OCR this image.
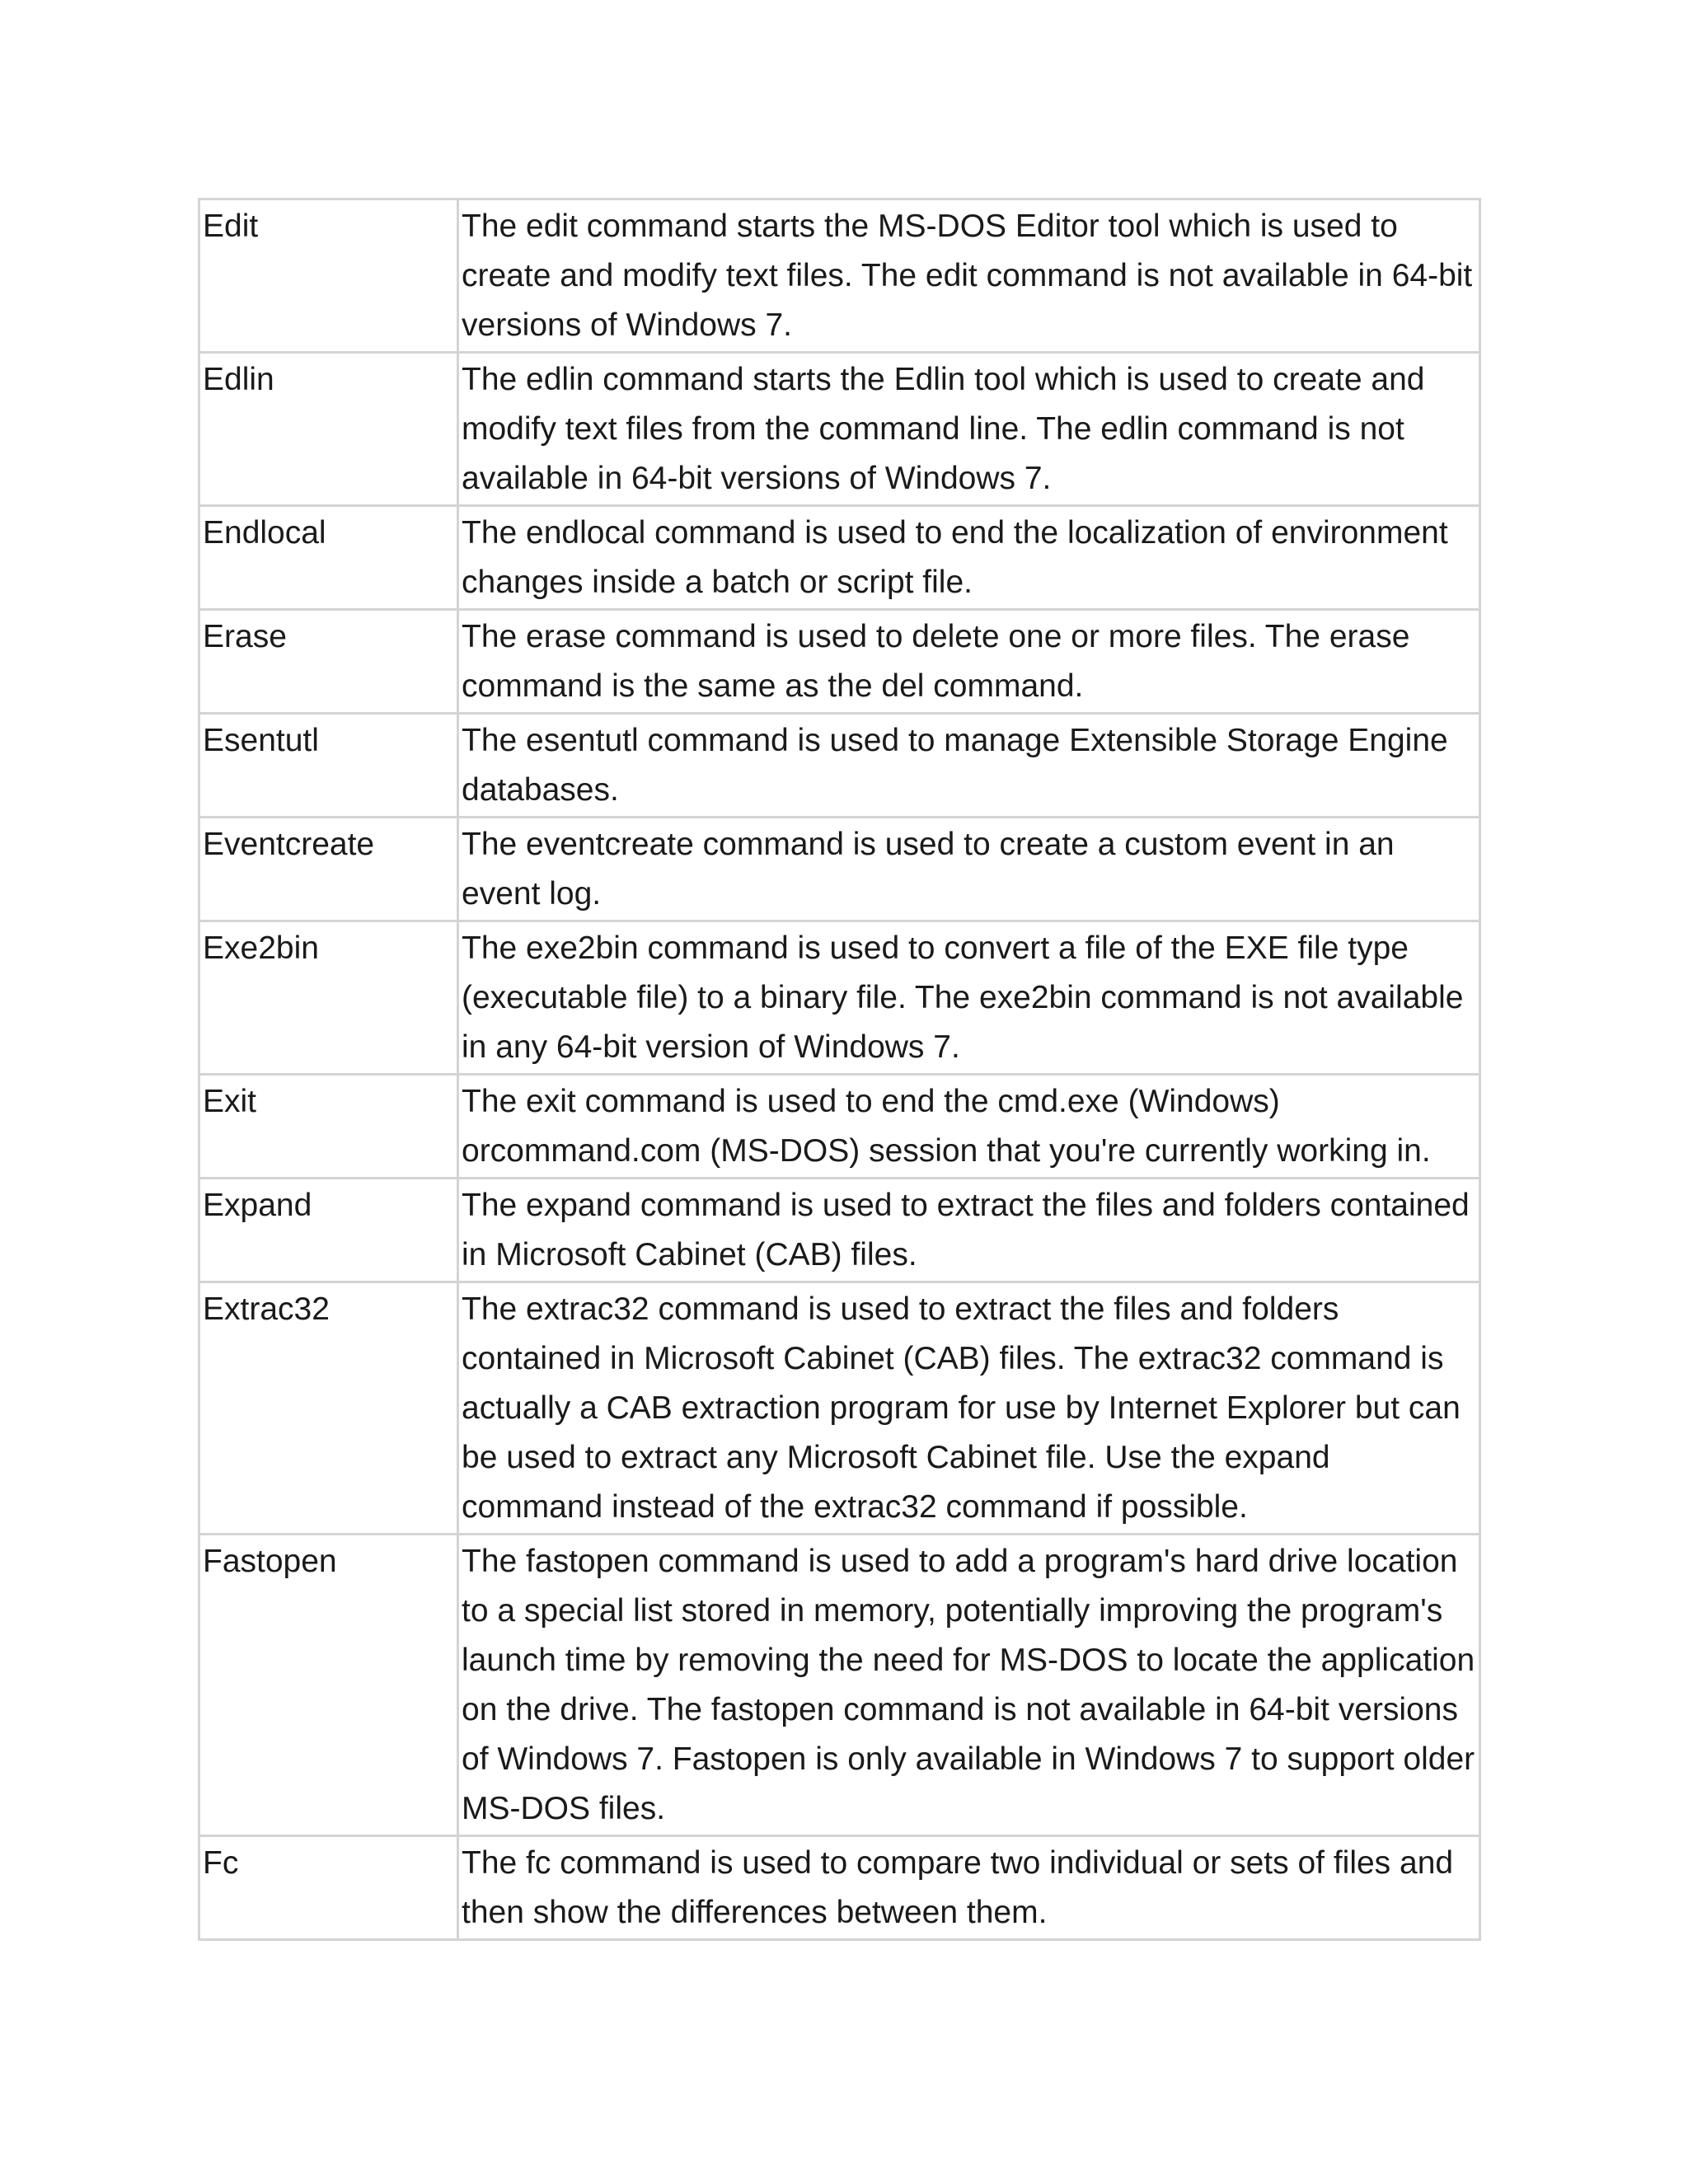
Edit	The edit command starts the MS-DOS Editor tool which is used to create and modify text files. The edit command is not available in 64-bit versions of Windows 7.
Edlin	The edlin command starts the Edlin tool which is used to create and modify text files from the command line. The edlin command is not available in 64-bit versions of Windows 7.
Endlocal	The endlocal command is used to end the localization of environment changes inside a batch or script file.
Erase	The erase command is used to delete one or more files. The erase command is the same as the del command.
Esentutl	The esentutl command is used to manage Extensible Storage Engine databases.
Eventcreate	The eventcreate command is used to create a custom event in an event log.
Exe2bin	The exe2bin command is used to convert a file of the EXE file type (executable file) to a binary file. The exe2bin command is not available in any 64-bit version of Windows 7.
Exit	The exit command is used to end the cmd.exe (Windows) orcommand.com (MS-DOS) session that you're currently working in.
Expand	The expand command is used to extract the files and folders contained in Microsoft Cabinet (CAB) files.
Extrac32	The extrac32 command is used to extract the files and folders contained in Microsoft Cabinet (CAB) files. The extrac32 command is actually a CAB extraction program for use by Internet Explorer but can be used to extract any Microsoft Cabinet file. Use the expand command instead of the extrac32 command if possible.
Fastopen	The fastopen command is used to add a program's hard drive location to a special list stored in memory, potentially improving the program's launch time by removing the need for MS-DOS to locate the application on the drive. The fastopen command is not available in 64-bit versions of Windows 7. Fastopen is only available in Windows 7 to support older MS-DOS files.
Fc	The fc command is used to compare two individual or sets of files and then show the differences between them.
